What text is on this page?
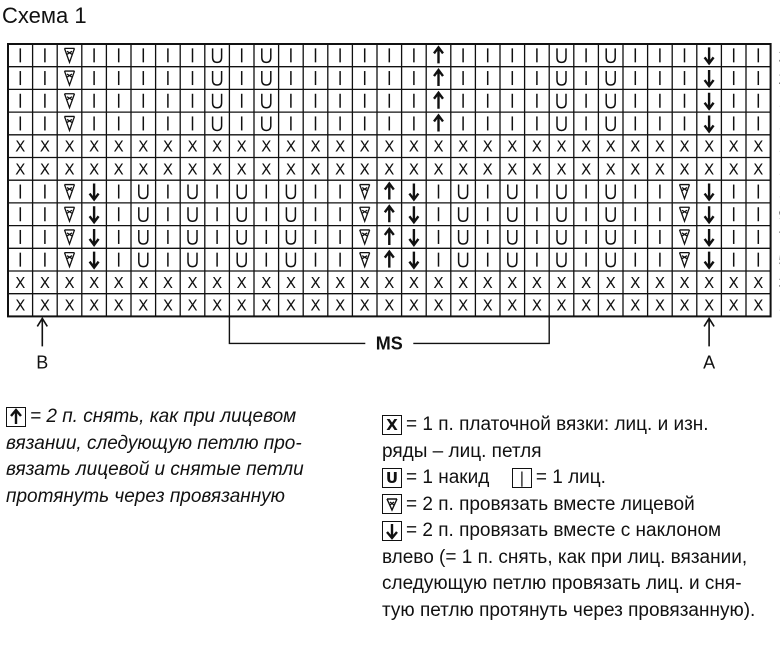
Схема 1
X X X X X X X X X X X X X X X X X X X X X X X X X X X X X X X
X X X X X X X X X X X X X X X X X X X X X X X X X X X X X X X
X X X X X X X X X X X X X X X X X X X X X X X X X X X X X X X
X X X X X X X X X X X X X X X X X X X X X X X X X X X X X X X
B	A
MS
= 2 п. снять, как при лицевом
вязании, следующую петлю про-
вязать лицевой и снятые петли
протянуть через провязанную
X = 1 п. платочной вязки: лиц. и изн.
ряды – лиц. петля
U = 1 накид | = 1 лиц.
= 2 п. провязать вместе лицевой
= 2 п. провязать вместе с наклоном
влево (= 1 п. снять, как при лиц. вязании,
следующую петлю провязать лиц. и сня-
тую петлю протянуть через провязанную).
